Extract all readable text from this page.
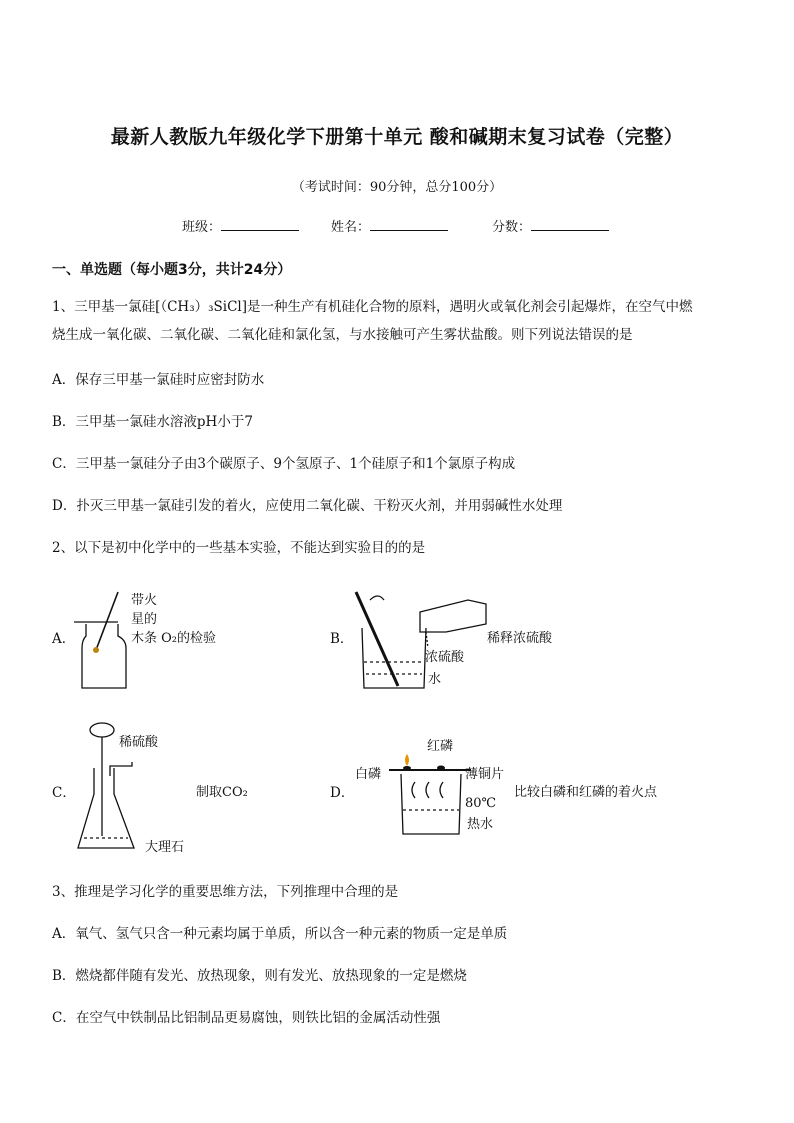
最新人教版九年级化学下册第十单元 酸和碱期末复习试卷（完整）
（考试时间：90分钟，总分100分）
班级：	姓名：	分数：
一、单选题（每小题3分，共计24分）
1、三甲基一氯硅[（CH₃）₃SiCl]是一种生产有机硅化合物的原料，遇明火或氧化剂会引起爆炸，在空气中燃
烧生成一氧化碳、二氧化碳、二氧化硅和氯化氢，与水接触可产生雾状盐酸。则下列说法错误的是
A．保存三甲基一氯硅时应密封防水
B．三甲基一氯硅水溶液pH小于7
C．三甲基一氯硅分子由3个碳原子、9个氢原子、1个硅原子和1个氯原子构成
D．扑灭三甲基一氯硅引发的着火，应使用二氧化碳、干粉灭火剂，并用弱碱性水处理
2、以下是初中化学中的一些基本实验，不能达到实验目的的是
A．
带火
星的
木条 O₂的检验	B．	稀释浓硫酸
浓硫酸
水
C．
稀硫酸
大理石
制取CO₂	D．
红磷
白磷	薄铜片
80℃
热水
比较白磷和红磷的着火点
3、推理是学习化学的重要思维方法，下列推理中合理的是
A．氧气、氢气只含一种元素均属于单质，所以含一种元素的物质一定是单质
B．燃烧都伴随有发光、放热现象，则有发光、放热现象的一定是燃烧
C．在空气中铁制品比铝制品更易腐蚀，则铁比铝的金属活动性强
